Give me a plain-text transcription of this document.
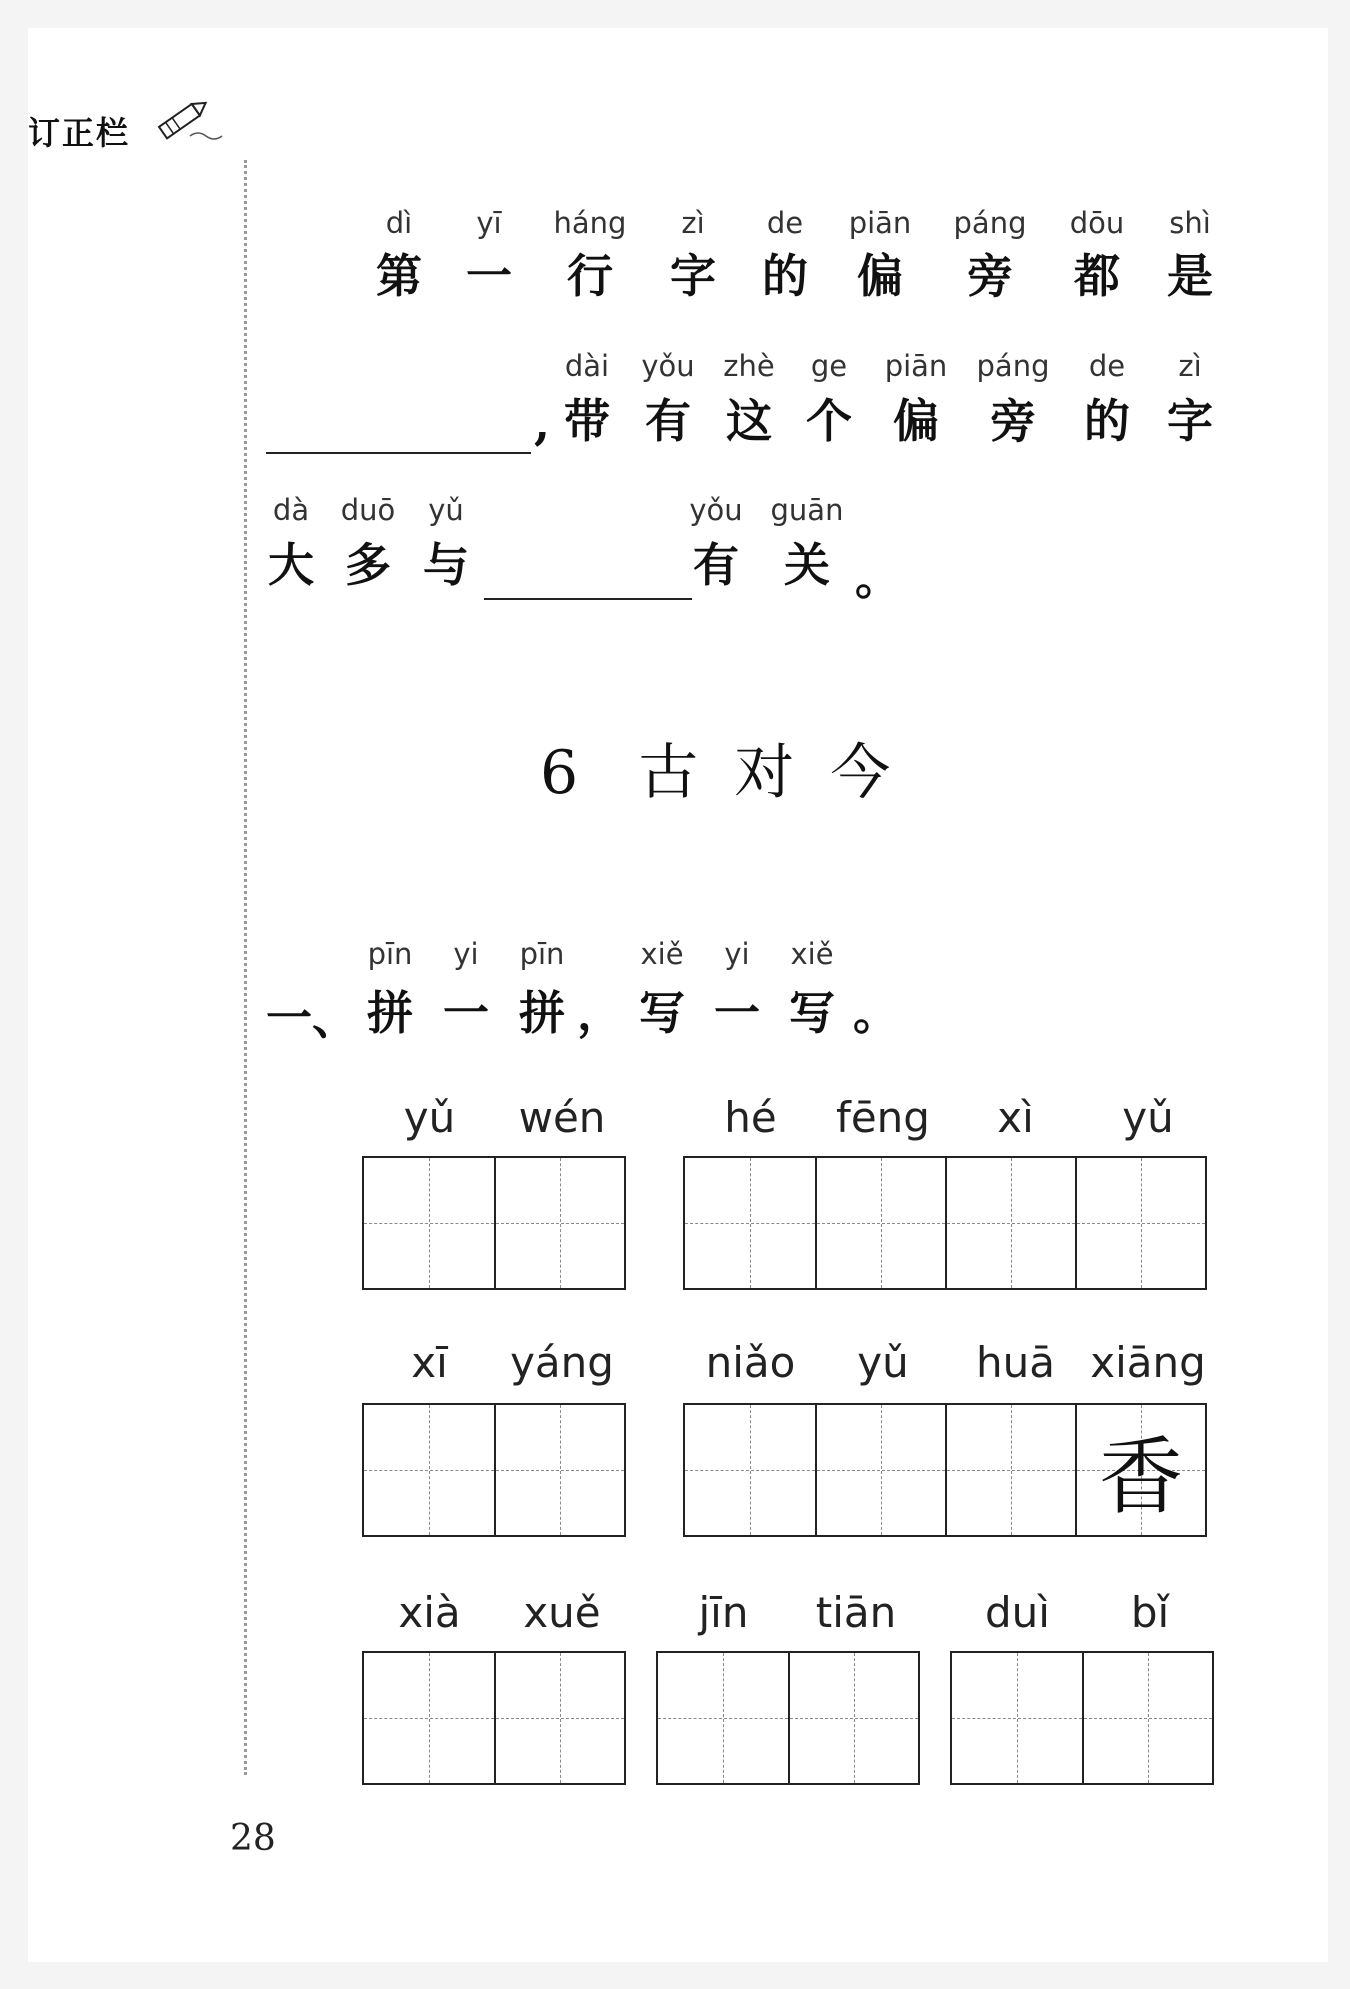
订正栏
,
。
6 古 对 今
一、
yǔ	wén	hé	fēng	xì	yǔ
xī	yáng	niǎo	yǔ	huā xiāng
香
xià	xuě	jīn	tiān	duì	bǐ
28
dì
第
yī
一
háng
行
zì
字
de
的
piān
偏
páng
旁
dōu
都
shì
是
dài
带
yǒu
有
zhè
这
ge
个
piān
偏
páng
旁
de
的
zì
字
dà
大
duō
多
yǔ
与
yǒu
有
guān
关
pīn
拼
yi
一
pīn
拼 ，
xiě
写
yi
一
xiě
写 。
